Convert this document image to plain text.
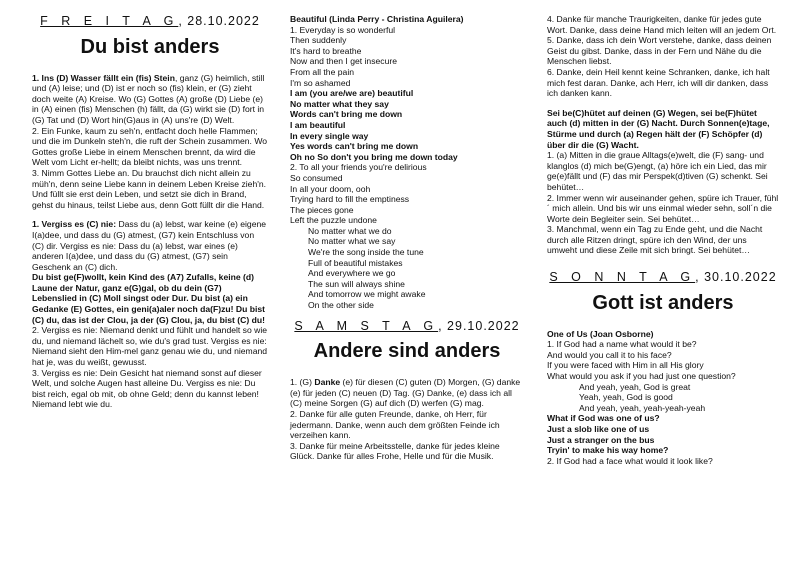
F R E I T A G, 28.10.2022
Du bist anders

1. Ins (D) Wasser fällt ein (fis) Stein, ganz (G) heimlich, still und (A) leise; und (D) ist er noch so (fis) klein, er (G) zieht doch weite (A) Kreise. Wo (G) Gottes (A) große (D) Liebe (e) in (A) einen (fis) Menschen (h) fällt, da (G) wirkt sie (D) fort in (G) Tat und (D) Wort hin(G)aus in (A) uns're (D) Welt.

2. Ein Funke, kaum zu seh'n, entfacht doch helle Flammen; und die im Dunkeln steh'n, die ruft der Schein zusammen. Wo Gottes große Liebe in einem Menschen brennt, da wird die Welt vom Licht er-hellt; da bleibt nichts, was uns trennt.

3. Nimm Gottes Liebe an. Du brauchst dich nicht allein zu müh'n, denn seine Liebe kann in deinem Leben Kreise zieh'n. Und füllt sie erst dein Leben, und setzt sie dich in Brand, gehst du hinaus, teilst Liebe aus, denn Gott füllt dir die Hand.

1. Vergiss es (C) nie: Dass du (a) lebst, war keine (e) eigene I(a)dee, und dass du (G) atmest, (G7) kein Entschluss von (C) dir. Vergiss es nie: Dass du (a) lebst, war eines (e) anderen I(a)dee, und dass du (G) atmest, (G7) sein Geschenk an (C) dich.

Du bist ge(F)wollt, kein Kind des (A7) Zufalls, keine (d) Laune der Natur, ganz e(G)gal, ob du dein (G7) Lebenslied in (C) Moll singst oder Dur. Du bist (a) ein Gedanke (E) Gottes, ein geni(a)aler noch da(F)zu! Du bist (C) du, das ist der Clou, ja der (G) Clou, ja, du bist (C) du!

2. Vergiss es nie: Niemand denkt und fühlt und handelt so wie du, und niemand lächelt so, wie du's grad tust. Vergiss es nie: Niemand sieht den Him-mel ganz genau wie du, und niemand hat je, was du weißt, gewusst.

3. Vergiss es nie: Dein Gesicht hat niemand sonst auf dieser Welt, und solche Augen hast alleine Du. Vergiss es nie: Du bist reich, egal ob mit, ob ohne Geld; denn du kannst leben! Niemand lebt wie du.

Beautiful (Linda Perry - Christina Aguilera)

1. Everyday is so wonderful

Then suddenly

It's hard to breathe

Now and then I get insecure

From all the pain

I'm so ashamed

I am (you are/we are) beautiful

No matter what they say

Words can't bring me down

I am beautiful

In every single way

Yes words can't bring me down

Oh no So don't you bring me down today

2. To all your friends you're delirious

So consumed

In all your doom, ooh

Trying hard to fill the emptiness

The pieces gone

Left the puzzle undone

No matter what we do

No matter what we say

We're the song inside the tune

Full of beautiful mistakes

And everywhere we go

The sun will always shine

And tomorrow we might awake

On the other side

S A M S T A G, 29.10.2022
Andere sind anders

1. (G) Danke (e) für diesen (C) guten (D) Morgen, (G) danke (e) für jeden (C) neuen (D) Tag. (G) Danke, (e) dass ich all (C) meine Sorgen (G) auf dich (D) werfen (G) mag.

2. Danke für alle guten Freunde, danke, oh Herr, für jedermann. Danke, wenn auch dem größten Feinde ich verzeihen kann.

3. Danke für meine Arbeitsstelle, danke für jedes kleine Glück. Danke für alles Frohe, Helle und für die Musik.

4. Danke für manche Traurigkeiten, danke für jedes gute Wort. Danke, dass deine Hand mich leiten will an jedem Ort.

5. Danke, dass ich dein Wort verstehe, danke, dass deinen Geist du gibst. Danke, dass in der Fern und Nähe du die Menschen liebst.

6. Danke, dein Heil kennt keine Schranken, danke, ich halt mich fest daran. Danke, ach Herr, ich will dir danken, dass ich danken kann.

Sei be(C)hütet auf deinen (G) Wegen, sei be(F)hütet auch (d) mitten in der (G) Nacht. Durch Sonnen(e)tage, Stürme und durch (a) Regen hält der (F) Schöpfer (d) über dir die (G) Wacht.

1. (a) Mitten in die graue Alltags(e)welt, die (F) sang- und klanglos (d) mich be(G)engt, (a) höre ich ein Lied, das mir ge(e)fällt und (F) das mir Perspek(d)tiven (G) schenkt. Sei behütet…

2. Immer wenn wir auseinander gehen, spüre ich Trauer, fühl´ mich allein. Und bis wir uns einmal wieder sehn, soll´n die Worte dein Begleiter sein. Sei behütet…

3. Manchmal, wenn ein Tag zu Ende geht, und die Nacht durch alle Ritzen dringt, spüre ich den Wind, der uns umweht und diese Zeile mit sich bringt. Sei behütet…

S O N N T A G, 30.10.2022
Gott ist anders

One of Us (Joan Osborne)

1. If God had a name what would it be?

And would you call it to his face?

If you were faced with Him in all His glory

What would you ask if you had just one question?

And yeah, yeah, God is great

Yeah, yeah, God is good

And yeah, yeah, yeah-yeah-yeah

What if God was one of us?

Just a slob like one of us

Just a stranger on the bus

Tryin' to make his way home?

2. If God had a face what would it look like?
